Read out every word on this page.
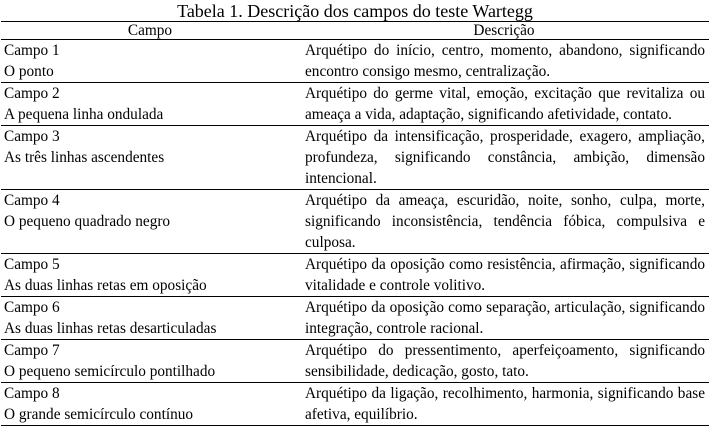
Tabela 1. Descrição dos campos do teste Wartegg
Campo	Descrição

Campo 1
O ponto	Arquétipo do início, centro, momento, abandono, significando encontro consigo mesmo, centralização.

Campo 2
A pequena linha ondulada	Arquétipo do germe vital, emoção, excitação que revitaliza ou ameaça a vida, adaptação, significando afetividade, contato.

Campo 3
As três linhas ascendentes	Arquétipo da intensificação, prosperidade, exagero, ampliação, profundeza, significando constância, ambição, dimensão intencional.

Campo 4
O pequeno quadrado negro	Arquétipo da ameaça, escuridão, noite, sonho, culpa, morte, significando inconsistência, tendência fóbica, compulsiva e culposa.

Campo 5
As duas linhas retas em oposição	Arquétipo da oposição como resistência, afirmação, significando vitalidade e controle volitivo.

Campo 6
As duas linhas retas desarticuladas	Arquétipo da oposição como separação, articulação, significando integração, controle racional.

Campo 7
O pequeno semicírculo pontilhado	Arquétipo do pressentimento, aperfeiçoamento, significando sensibilidade, dedicação, gosto, tato.

Campo 8
O grande semicírculo contínuo	Arquétipo da ligação, recolhimento, harmonia, significando base afetiva, equilíbrio.
